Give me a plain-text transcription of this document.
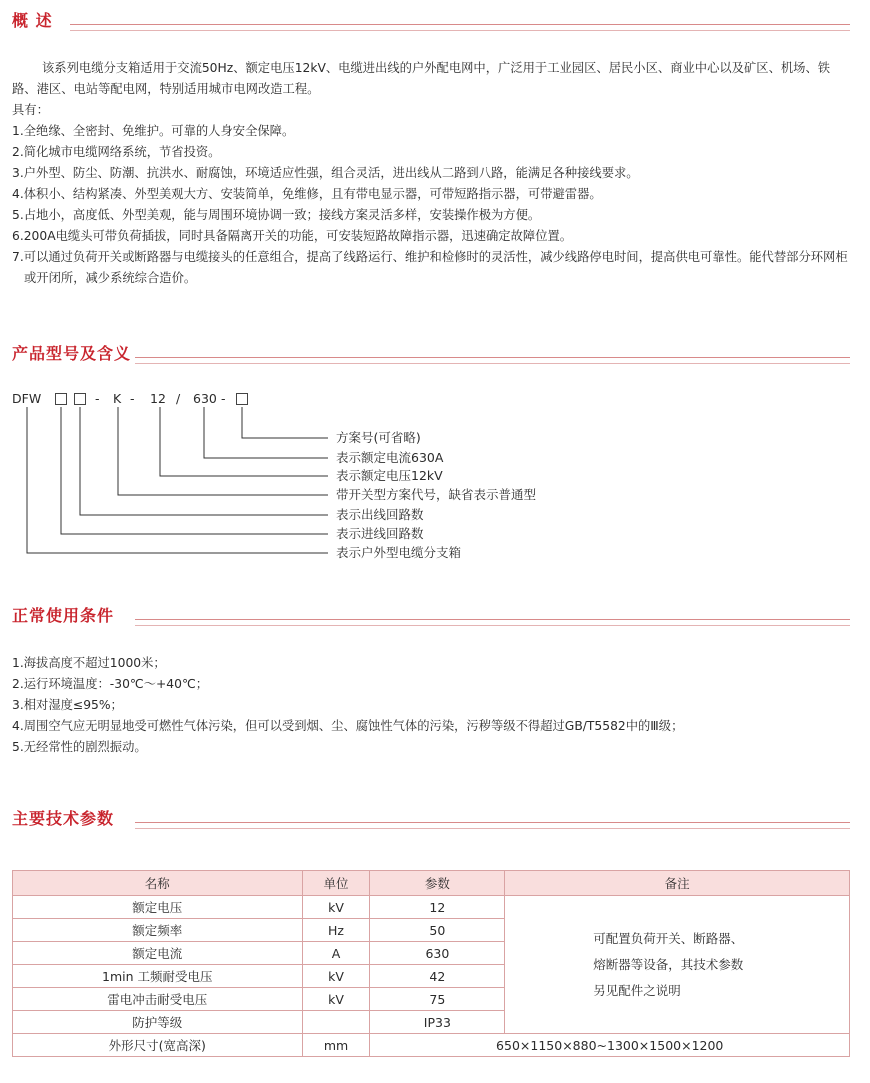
概 述

该系列电缆分支箱适用于交流50Hz、额定电压12kV、电缆进出线的户外配电网中，广泛用于工业园区、居民小区、商业中心以及矿区、机场、铁路、港区、电站等配电网，特别适用城市电网改造工程。

具有：

1.全绝缘、全密封、免维护。可靠的人身安全保障。

2.简化城市电缆网络系统，节省投资。

3.户外型、防尘、防潮、抗洪水、耐腐蚀，环境适应性强，组合灵活，进出线从二路到八路，能满足各种接线要求。

4.体积小、结构紧凑、外型美观大方、安装简单，免维修，且有带电显示器，可带短路指示器，可带避雷器。

5.占地小，高度低、外型美观，能与周围环境协调一致；接线方案灵活多样，安装操作极为方便。

6.200A电缆头可带负荷插拔，同时具备隔离开关的功能，可安装短路故障指示器，迅速确定故障位置。

7.可以通过负荷开关或断路器与电缆接头的任意组合，提高了线路运行、维护和检修时的灵活性，减少线路停电时间，提高供电可靠性。能代替部分环网柜或开闭所，减少系统综合造价。

产品型号及含义
DFW	- K - 12 / 630 -
方案号(可省略)
表示额定电流630A
表示额定电压12kV
带开关型方案代号，缺省表示普通型
表示出线回路数
表示进线回路数
表示户外型电缆分支箱
正常使用条件

1.海拔高度不超过1000米；

2.运行环境温度：-30℃～+40℃；

3.相对湿度≤95%；

4.周围空气应无明显地受可燃性气体污染，但可以受到烟、尘、腐蚀性气体的污染，污秽等级不得超过GB/T5582中的Ⅲ级；

5.无经常性的剧烈振动。

主要技术参数
名称	单位	参数	备注
额定电压	kV	12	可配置负荷开关、断路器、
熔断器等设备，其技术参数
另见配件之说明

额定频率	Hz	50	
额定电流	A	630	
1min 工频耐受电压	kV	42	
雷电冲击耐受电压	kV	75	
防护等级		IP33	
外形尺寸(宽高深)	mm	650×1150×880~1300×1500×1200	
